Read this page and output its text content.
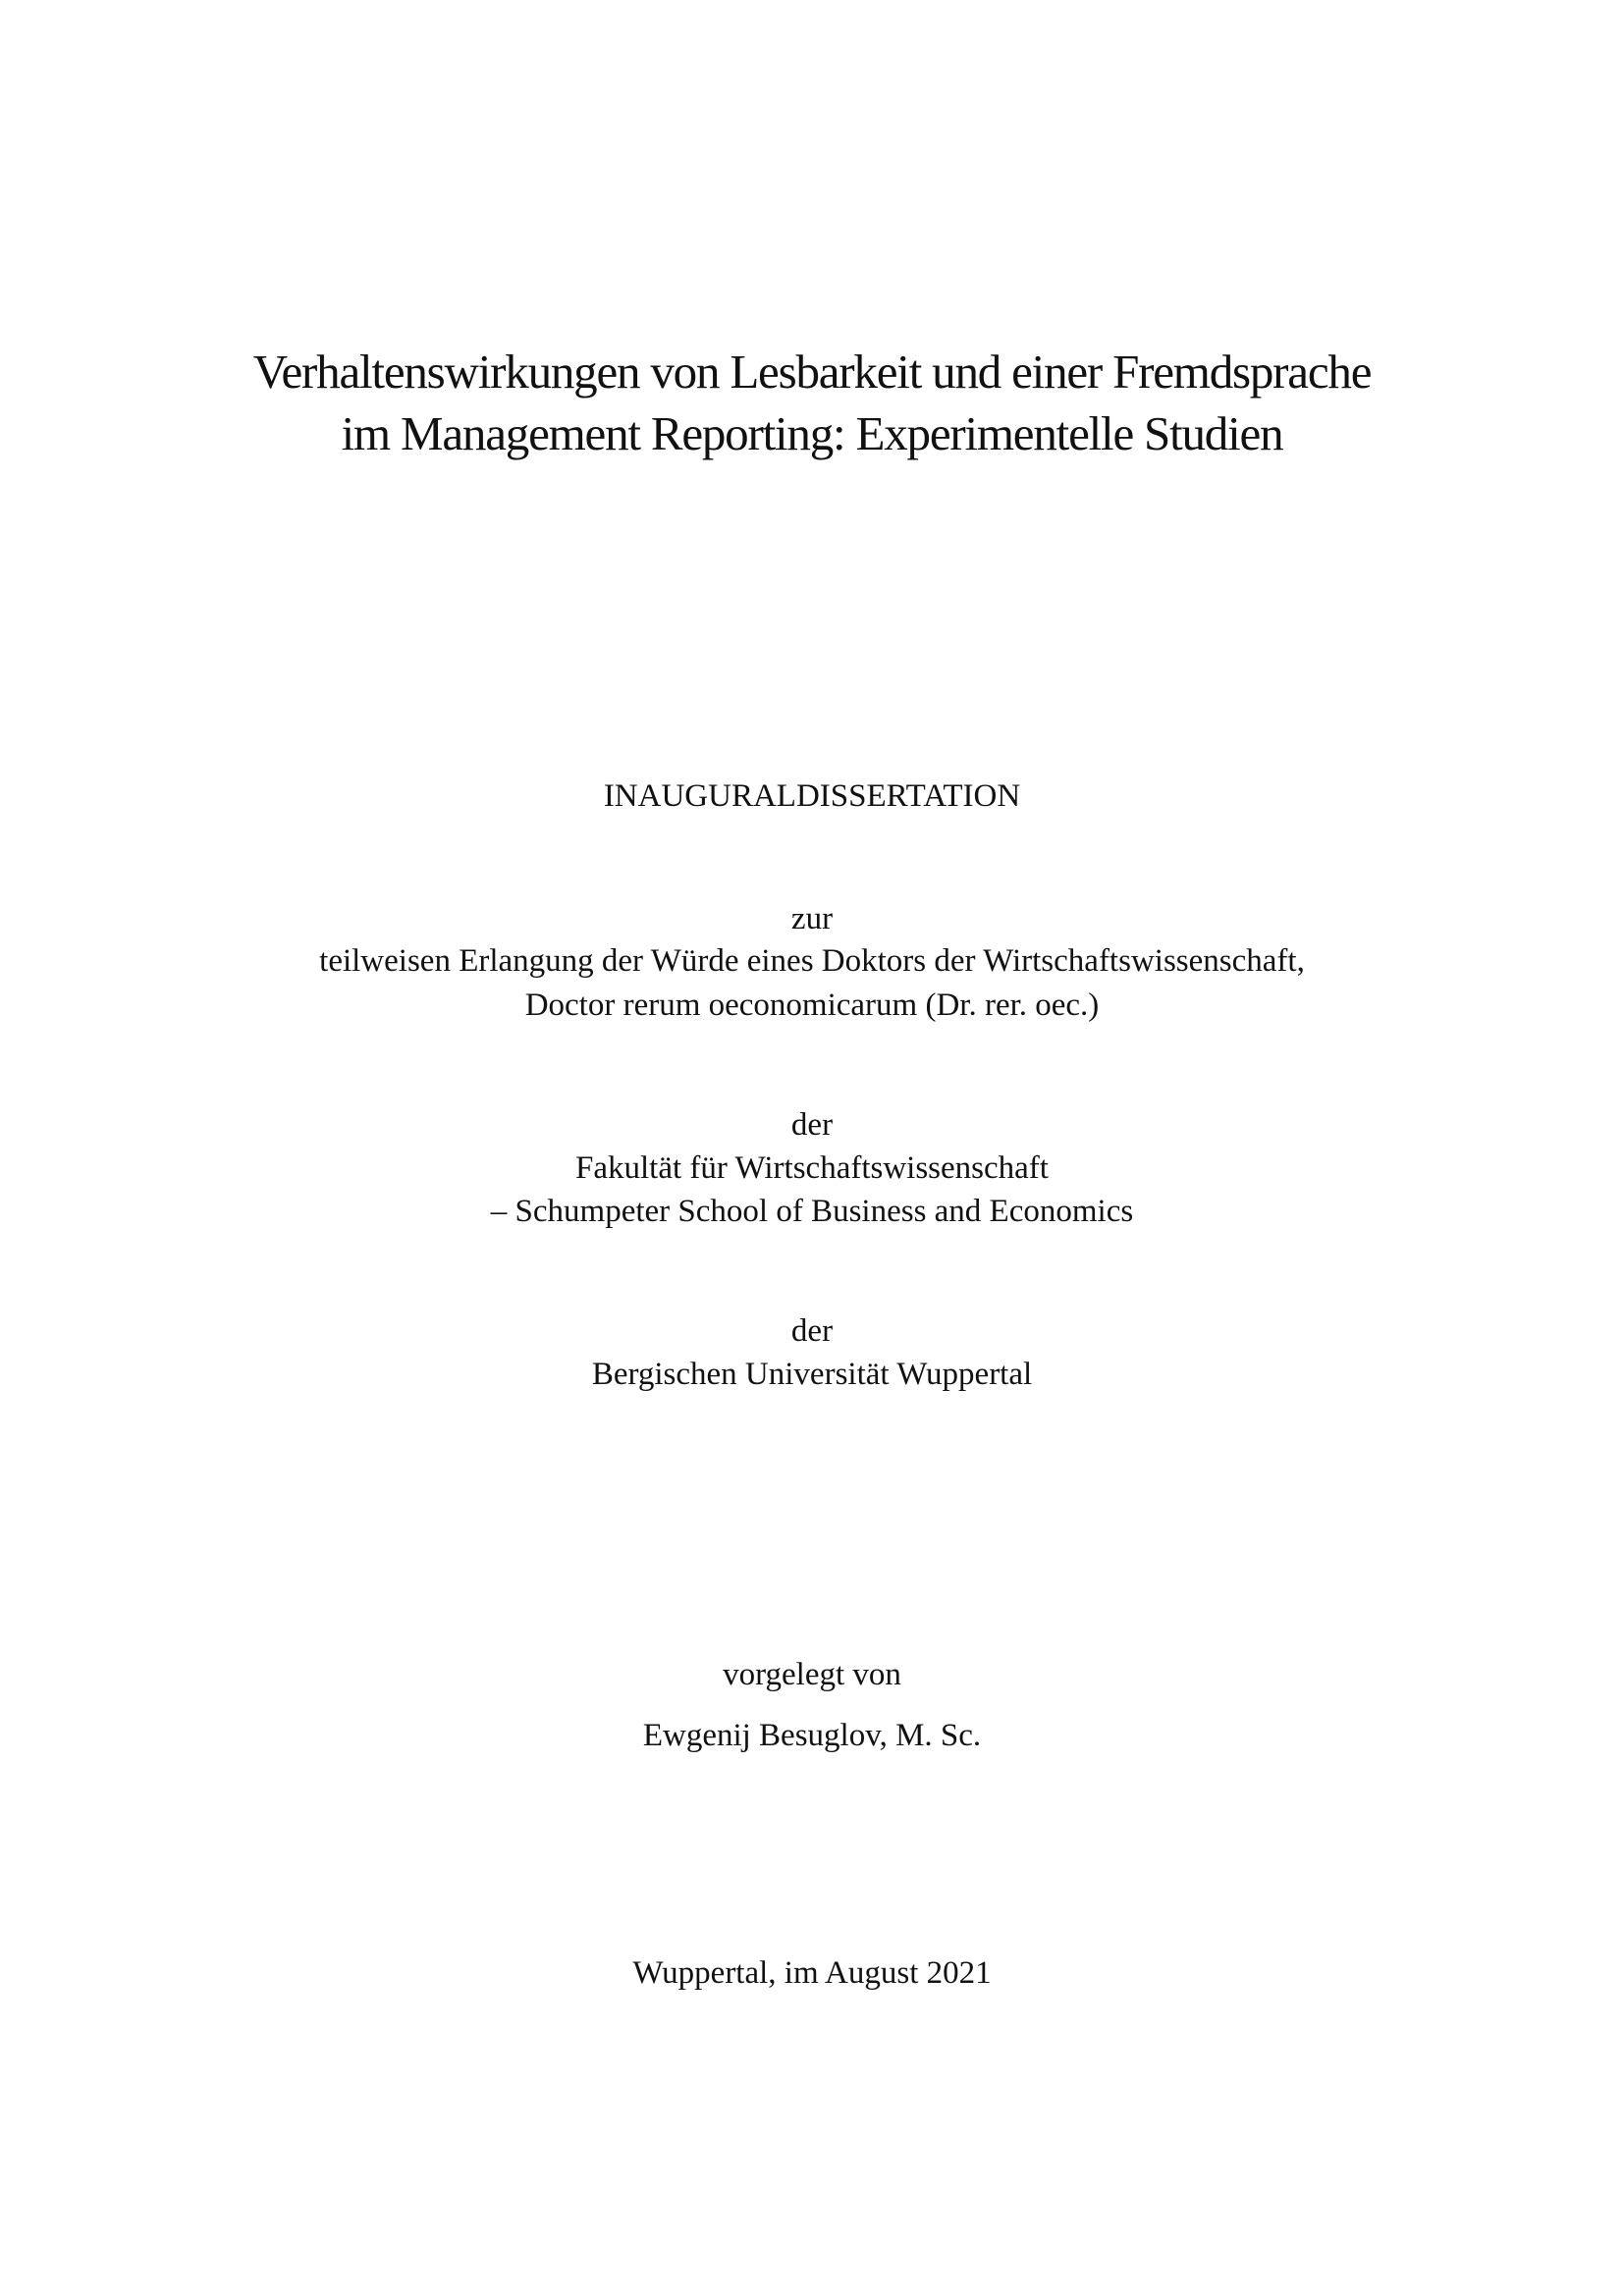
Verhaltenswirkungen von Lesbarkeit und einer Fremdsprache
im Management Reporting: Experimentelle Studien
INAUGURALDISSERTATION
zur
teilweisen Erlangung der Würde eines Doktors der Wirtschaftswissenschaft,
Doctor rerum oeconomicarum (Dr. rer. oec.)
der
Fakultät für Wirtschaftswissenschaft
– Schumpeter School of Business and Economics
der
Bergischen Universität Wuppertal
vorgelegt von
Ewgenij Besuglov, M. Sc.
Wuppertal, im August 2021
